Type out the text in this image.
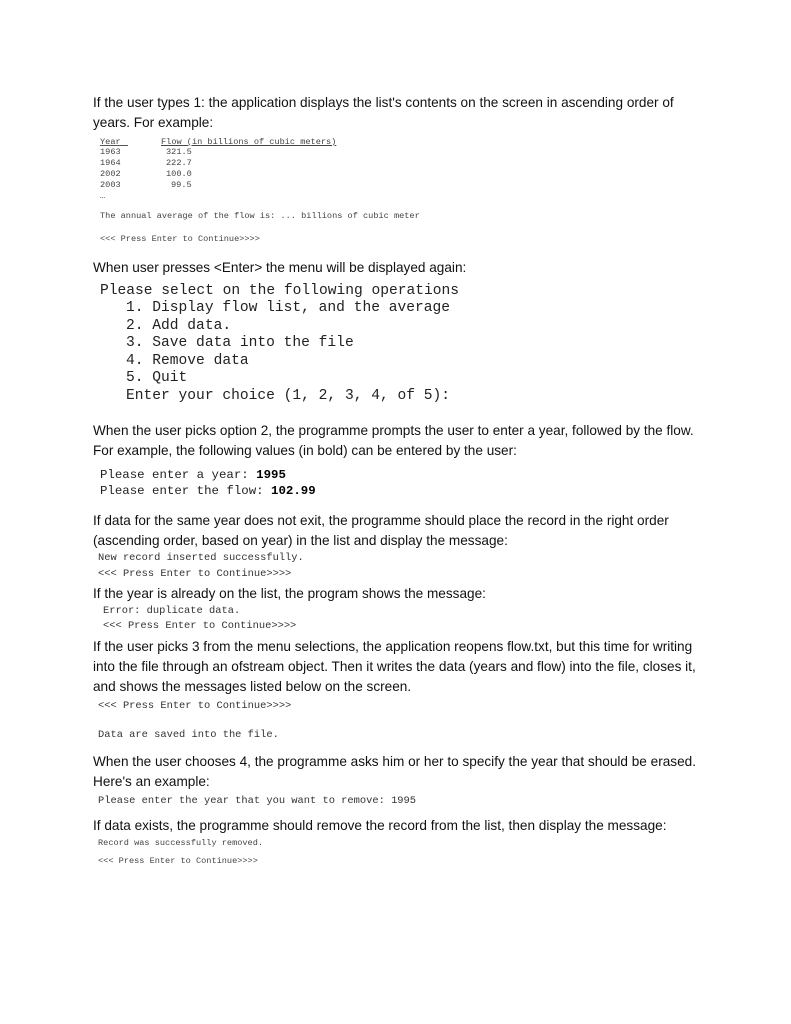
If the user types 1: the application displays the list's contents on the screen in ascending order of years. For example:
Year	Flow (in billions of cubic meters)
1963	321.5
1964	222.7
2002	100.0
2003	99.5
…
The annual average of the flow is: ... billions of cubic meter
<<< Press Enter to Continue>>>>
When user presses <Enter> the menu will be displayed again:
Please select on the following operations
1. Display flow list, and the average
2. Add data.
3. Save data into the file
4. Remove data
5. Quit
Enter your choice (1, 2, 3, 4, of 5):
When the user picks option 2, the programme prompts the user to enter a year, followed by the flow. For example, the following values (in bold) can be entered by the user:
Please enter a year: 1995
Please enter the flow: 102.99
If data for the same year does not exit, the programme should place the record in the right order (ascending order, based on year) in the list and display the message:
New record inserted successfully.
<<< Press Enter to Continue>>>>
If the year is already on the list, the program shows the message:
Error: duplicate data.
<<< Press Enter to Continue>>>>
If the user picks 3 from the menu selections, the application reopens flow.txt, but this time for writing into the file through an ofstream object. Then it writes the data (years and flow) into the file, closes it, and shows the messages listed below on the screen.
<<< Press Enter to Continue>>>>
Data are saved into the file.
When the user chooses 4, the programme asks him or her to specify the year that should be erased. Here's an example:
Please enter the year that you want to remove: 1995
If data exists, the programme should remove the record from the list, then display the message:
Record was successfully removed.
<<< Press Enter to Continue>>>>
